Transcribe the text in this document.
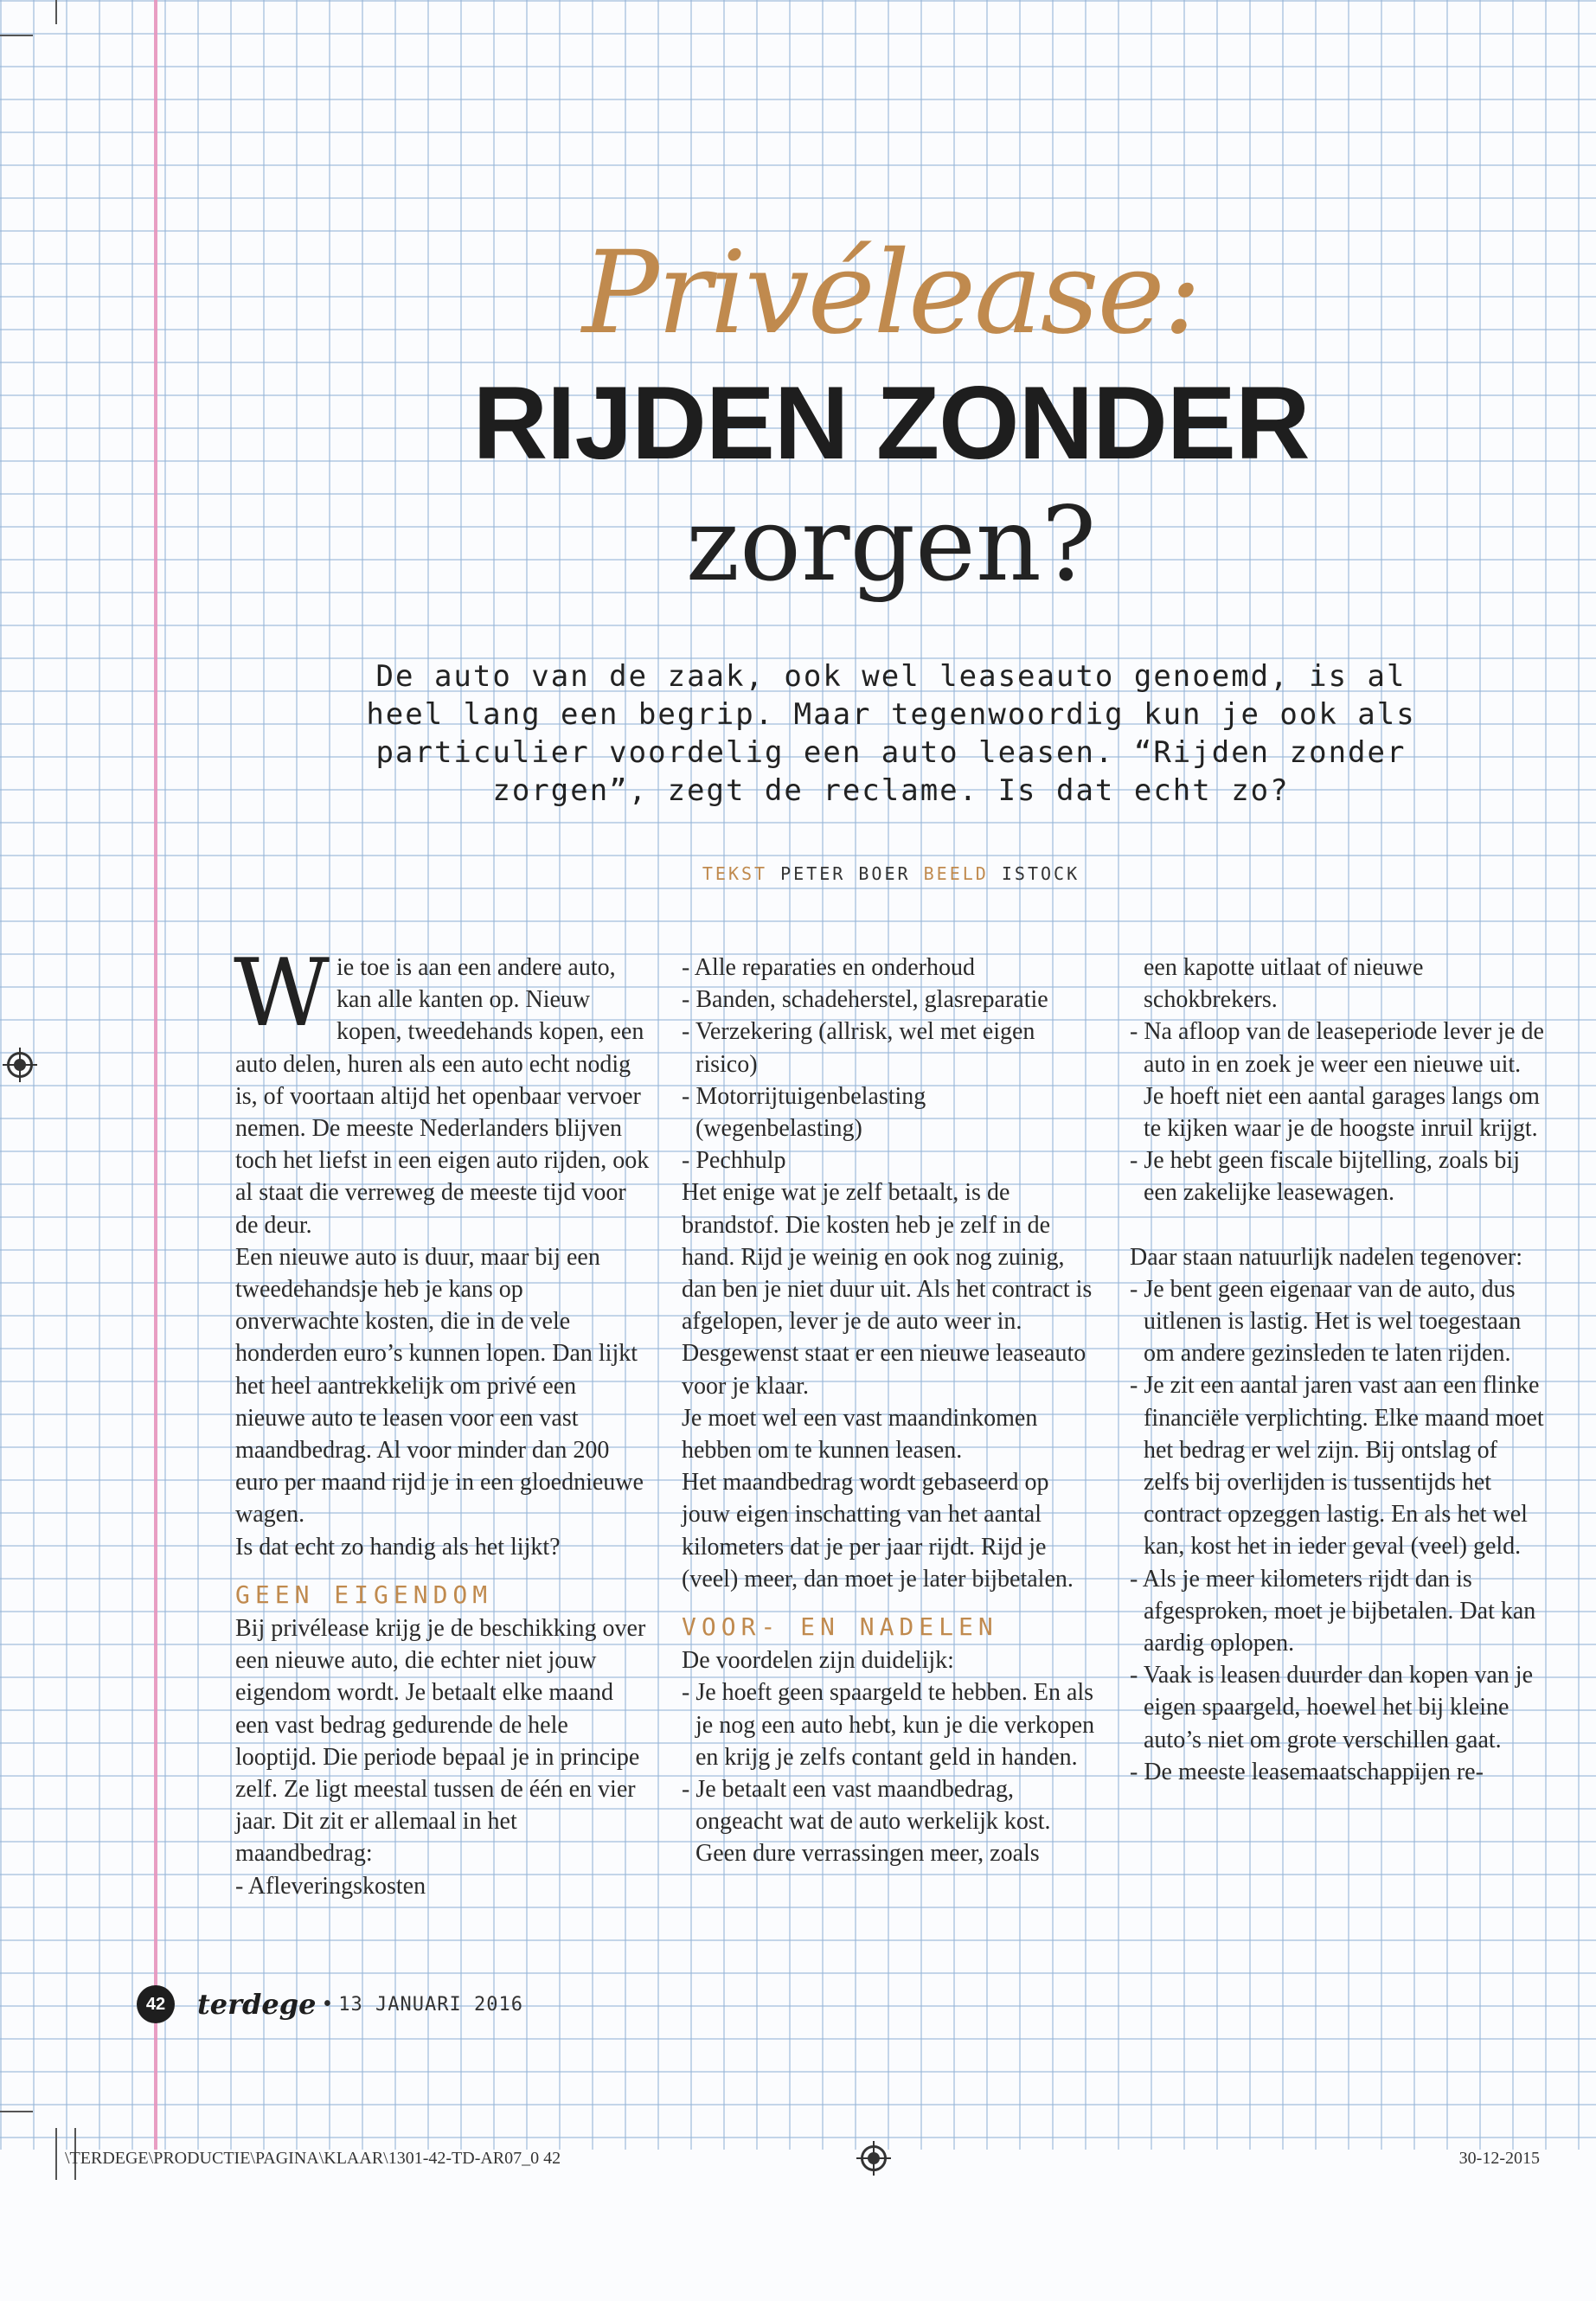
Privélease:
RIJDEN ZONDER
zorgen?
De auto van de zaak, ook wel leaseauto genoemd, is al heel lang een begrip. Maar tegenwoordig kun je ook als particulier voordelig een auto leasen. “Rijden zonder zorgen”, zegt de reclame. Is dat echt zo?
TEKST PETER BOER BEELD ISTOCK
W ie toe is aan een andere auto, kan alle kanten op. Nieuw kopen, tweedehands kopen, een auto delen, huren als een auto echt nodig is, of voortaan altijd het openbaar vervoer nemen. De meeste Nederlanders blijven toch het liefst in een eigen auto rijden, ook al staat die verreweg de meeste tijd voor de deur.

Een nieuwe auto is duur, maar bij een tweedehandsje heb je kans op onverwachte kosten, die in de vele honderden euro’s kunnen lopen. Dan lijkt het heel aantrekkelijk om privé een nieuwe auto te leasen voor een vast maandbedrag. Al voor minder dan 200 euro per maand rijd je in een gloednieuwe wagen.

Is dat echt zo handig als het lijkt?

GEEN EIGENDOM

Bij privélease krijg je de beschikking over een nieuwe auto, die echter niet jouw eigendom wordt. Je betaalt elke maand een vast bedrag gedurende de hele looptijd. Die periode bepaal je in principe zelf. Ze ligt meestal tussen de één en vier jaar. Dit zit er allemaal in het maandbedrag:

- Afleveringskosten

- Alle reparaties en onderhoud

- Banden, schadeherstel, glasreparatie

- Verzekering (allrisk, wel met eigen risico)

- Motorrijtuigenbelasting (wegenbelasting)

- Pechhulp

Het enige wat je zelf betaalt, is de brandstof. Die kosten heb je zelf in de hand. Rijd je weinig en ook nog zuinig, dan ben je niet duur uit. Als het contract is afgelopen, lever je de auto weer in. Desgewenst staat er een nieuwe leaseauto voor je klaar.

Je moet wel een vast maandinkomen hebben om te kunnen leasen.

Het maandbedrag wordt gebaseerd op jouw eigen inschatting van het aantal kilometers dat je per jaar rijdt. Rijd je (veel) meer, dan moet je later bijbetalen.

VOOR- EN NADELEN

De voordelen zijn duidelijk:

- Je hoeft geen spaargeld te hebben. En als je nog een auto hebt, kun je die verkopen en krijg je zelfs contant geld in handen.

- Je betaalt een vast maandbedrag, ongeacht wat de auto werkelijk kost. Geen dure verrassingen meer, zoals

een kapotte uitlaat of nieuwe schokbrekers.

- Na afloop van de leaseperiode lever je de auto in en zoek je weer een nieuwe uit. Je hoeft niet een aantal garages langs om te kijken waar je de hoogste inruil krijgt.

- Je hebt geen fiscale bijtelling, zoals bij een zakelijke leasewagen.

Daar staan natuurlijk nadelen tegenover:

- Je bent geen eigenaar van de auto, dus uitlenen is lastig. Het is wel toegestaan om andere gezinsleden te laten rijden.

- Je zit een aantal jaren vast aan een flinke financiële verplichting. Elke maand moet het bedrag er wel zijn. Bij ontslag of zelfs bij overlijden is tussentijds het contract opzeggen lastig. En als het wel kan, kost het in ieder geval (veel) geld.

- Als je meer kilometers rijdt dan is afgesproken, moet je bijbetalen. Dat kan aardig oplopen.

- Vaak is leasen duurder dan kopen van je eigen spaargeld, hoewel het bij kleine auto’s niet om grote verschillen gaat.

- De meeste leasemaatschappijen re-

42	terdege • 13 JANUARI 2016
\TERDEGE\PRODUCTIE\PAGINA\KLAAR\1301-42-TD-AR07_0 42	30-12-2015
